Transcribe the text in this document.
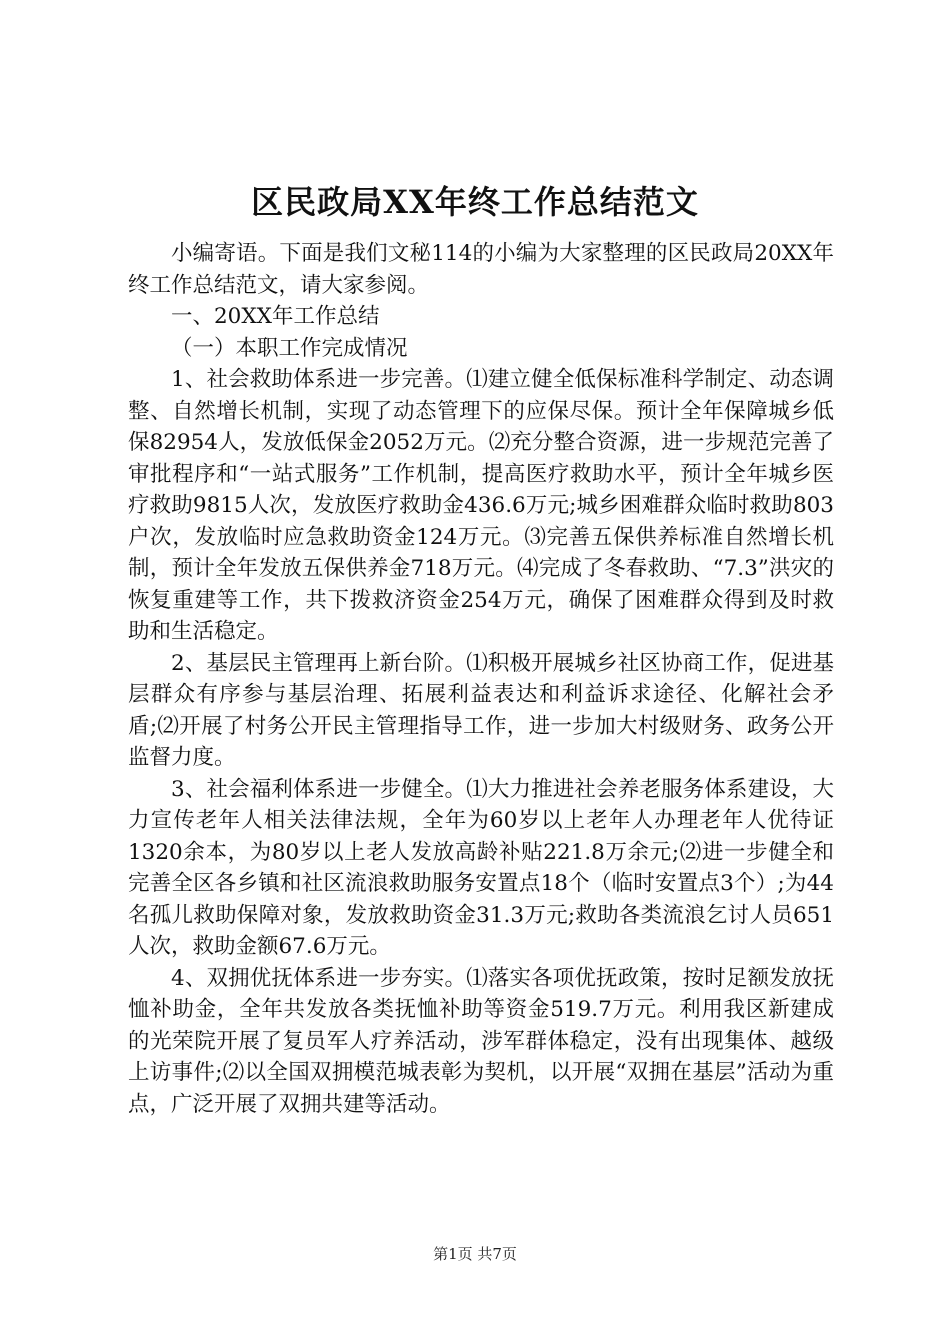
区民政局XX年终工作总结范文

小编寄语。下面是我们文秘114的小编为大家整理的区民政局20XX年终工作总结范文，请大家参阅。

一、20XX年工作总结

（一）本职工作完成情况

1、社会救助体系进一步完善。⑴建立健全低保标准科学制定、动态调整、自然增长机制，实现了动态管理下的应保尽保。预计全年保障城乡低保82954人，发放低保金2052万元。⑵充分整合资源，进一步规范完善了审批程序和“一站式服务”工作机制，提高医疗救助水平，预计全年城乡医疗救助9815人次，发放医疗救助金436.6万元;城乡困难群众临时救助803户次，发放临时应急救助资金124万元。⑶完善五保供养标准自然增长机制，预计全年发放五保供养金718万元。⑷完成了冬春救助、“7.3”洪灾的恢复重建等工作，共下拨救济资金254万元，确保了困难群众得到及时救助和生活稳定。

2、基层民主管理再上新台阶。⑴积极开展城乡社区协商工作，促进基层群众有序参与基层治理、拓展利益表达和利益诉求途径、化解社会矛盾;⑵开展了村务公开民主管理指导工作，进一步加大村级财务、政务公开监督力度。

3、社会福利体系进一步健全。⑴大力推进社会养老服务体系建设，大力宣传老年人相关法律法规，全年为60岁以上老年人办理老年人优待证1320余本，为80岁以上老人发放高龄补贴221.8万余元;⑵进一步健全和完善全区各乡镇和社区流浪救助服务安置点18个（临时安置点3个）;为44名孤儿救助保障对象，发放救助资金31.3万元;救助各类流浪乞讨人员651人次，救助金额67.6万元。

4、双拥优抚体系进一步夯实。⑴落实各项优抚政策，按时足额发放抚恤补助金，全年共发放各类抚恤补助等资金519.7万元。利用我区新建成的光荣院开展了复员军人疗养活动，涉军群体稳定，没有出现集体、越级上访事件;⑵以全国双拥模范城表彰为契机，以开展“双拥在基层”活动为重点，广泛开展了双拥共建等活动。

第1页 共7页
